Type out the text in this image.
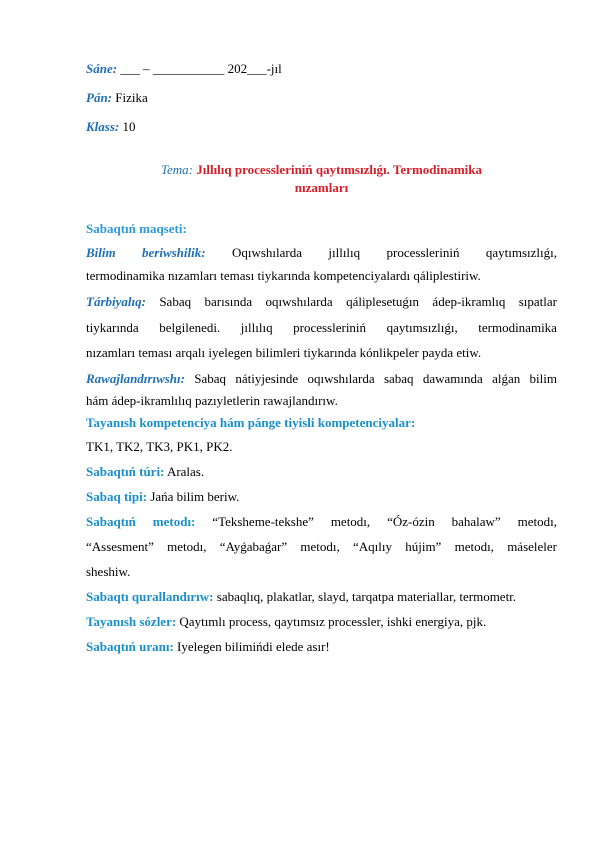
Sáne: ___ – ___________ 202___-jıl
Pán: Fizika
Klass: 10
Tema: Jıllılıq processleriniń qaytımsızlıǵı. Termodinamika
nızamları
Sabaqtıń maqseti:
Bilim beriwshilik: Oqıwshılarda jıllılıq processleriniń qaytımsızlıǵı,
termodinamika nızamları teması tiykarında kompetenciyalardı qáliplestiriw.
Tárbiyalıq: Sabaq barısında oqıwshılarda qáliplesetuǵın ádep-ikramlıq sıpatlar
tiykarında belgilenedi. jıllılıq processleriniń qaytımsızlıǵı, termodinamika
nızamları teması arqalı iyelegen bilimleri tiykarında kónlikpeler payda etiw.
Rawajlandırıwshı: Sabaq nátiyjesinde oqıwshılarda sabaq dawamında alǵan bilim
hám ádep-ikramlılıq pazıyletlerin rawajlandırıw.
Tayanısh kompetenciya hám pánge tiyisli kompetenciyalar:
TK1, TK2, TK3, PK1, PK2.
Sabaqtıń túri: Aralas.
Sabaq tipi: Jańa bilim beriw.
Sabaqtıń metodı: “Teksheme-tekshe” metodı, “Óz-ózin bahalaw” metodı,
“Assesment” metodı, “Ayǵabaǵar” metodı, “Aqılıy hújim” metodı, máseleler
sheshiw.
Sabaqtı qurallandırıw: sabaqlıq, plakatlar, slayd, tarqatpa materiallar, termometr.
Tayanısh sózler: Qaytımlı process, qaytımsız processler, ishki energiya, pjk.
Sabaqtıń uranı: Iyelegen bilimińdi elede asır!
